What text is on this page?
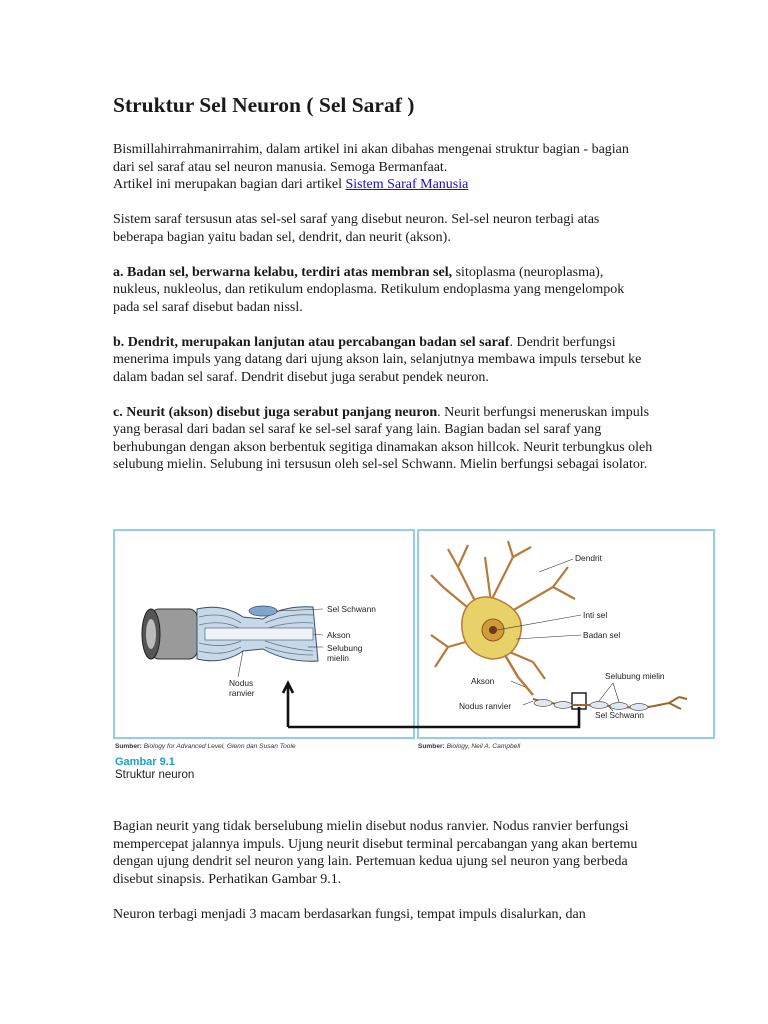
Struktur Sel Neuron ( Sel Saraf )

Bismillahirrahmanirrahim, dalam artikel ini akan dibahas mengenai struktur bagian - bagian dari sel saraf atau sel neuron manusia. Semoga Bermanfaat.
Artikel ini merupakan bagian dari artikel Sistem Saraf Manusia

Sistem saraf tersusun atas sel-sel saraf yang disebut neuron. Sel-sel neuron terbagi atas beberapa bagian yaitu badan sel, dendrit, dan neurit (akson).

a. Badan sel, berwarna kelabu, terdiri atas membran sel, sitoplasma (neuroplasma), nukleus, nukleolus, dan retikulum endoplasma. Retikulum endoplasma yang mengelompok pada sel saraf disebut badan nissl.

b. Dendrit, merupakan lanjutan atau percabangan badan sel saraf. Dendrit berfungsi menerima impuls yang datang dari ujung akson lain, selanjutnya membawa impuls tersebut ke dalam badan sel saraf. Dendrit disebut juga serabut pendek neuron.

c. Neurit (akson) disebut juga serabut panjang neuron. Neurit berfungsi meneruskan impuls yang berasal dari badan sel saraf ke sel-sel saraf yang lain. Bagian badan sel saraf yang berhubungan dengan akson berbentuk segitiga dinamakan akson hillcok. Neurit terbungkus oleh selubung mielin. Selubung ini tersusun oleh sel-sel Schwann. Mielin berfungsi sebagai isolator.

Sel Schwann
Akson
Selubung
mielin
Nodus
ranvier
Dendrit
Inti sel
Badan sel
Selubung mielin
Akson
Nodus ranvier
Sel Schwann
Sumber: Biology for Advanced Level, Glenn dan Susan Toole	Sumber: Biology, Neil A. Campbell
Gambar 9.1
Struktur neuron

Bagian neurit yang tidak berselubung mielin disebut nodus ranvier. Nodus ranvier berfungsi mempercepat jalannya impuls. Ujung neurit disebut terminal percabangan yang akan bertemu dengan ujung dendrit sel neuron yang lain. Pertemuan kedua ujung sel neuron yang berbeda disebut sinapsis. Perhatikan Gambar 9.1.

Neuron terbagi menjadi 3 macam berdasarkan fungsi, tempat impuls disalurkan, dan
